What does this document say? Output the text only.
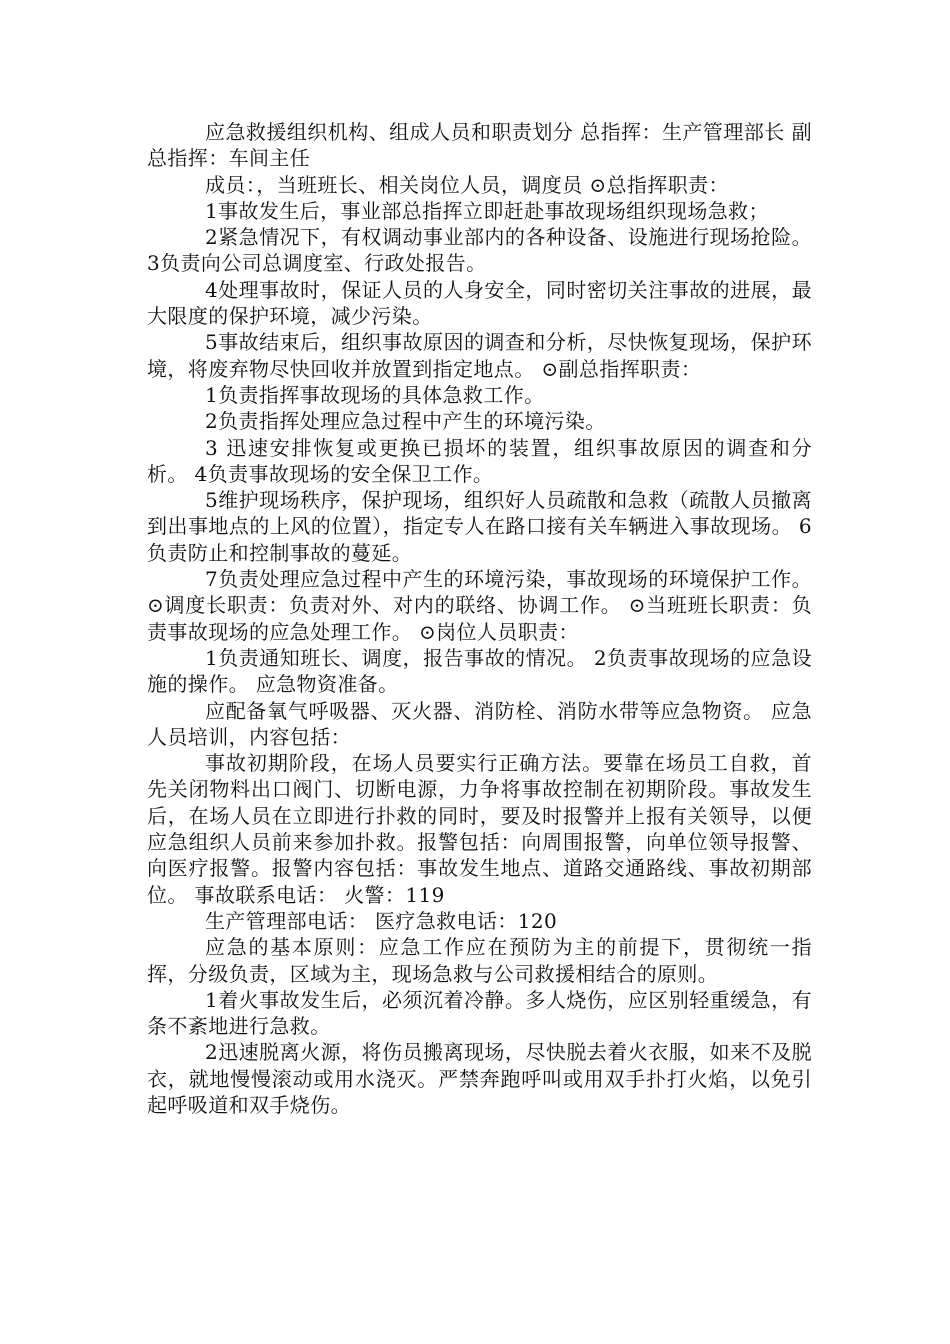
应急救援组织机构、组成人员和职责划分 总指挥：生产管理部长 副总指挥：车间主任

成员：，当班班长、相关岗位人员，调度员 ⊙总指挥职责：

1事故发生后，事业部总指挥立即赶赴事故现场组织现场急救；

2紧急情况下，有权调动事业部内的各种设备、设施进行现场抢险。 3负责向公司总调度室、行政处报告。

4处理事故时，保证人员的人身安全，同时密切关注事故的进展，最大限度的保护环境，减少污染。

5事故结束后，组织事故原因的调查和分析，尽快恢复现场，保护环境，将废弃物尽快回收并放置到指定地点。 ⊙副总指挥职责：

1负责指挥事故现场的具体急救工作。

2负责指挥处理应急过程中产生的环境污染。

3 迅速安排恢复或更换已损坏的装置，组织事故原因的调查和分析。 4负责事故现场的安全保卫工作。

5维护现场秩序，保护现场，组织好人员疏散和急救（疏散人员撤离到出事地点的上风的位置），指定专人在路口接有关车辆进入事故现场。 6负责防止和控制事故的蔓延。

7负责处理应急过程中产生的环境污染，事故现场的环境保护工作。 ⊙调度长职责：负责对外、对内的联络、协调工作。 ⊙当班班长职责：负责事故现场的应急处理工作。 ⊙岗位人员职责：

1负责通知班长、调度，报告事故的情况。 2负责事故现场的应急设施的操作。 应急物资准备。

应配备氧气呼吸器、灭火器、消防栓、消防水带等应急物资。 应急人员培训，内容包括：

事故初期阶段，在场人员要实行正确方法。要靠在场员工自救，首先关闭物料出口阀门、切断电源，力争将事故控制在初期阶段。事故发生后，在场人员在立即进行扑救的同时，要及时报警并上报有关领导，以便应急组织人员前来参加扑救。报警包括：向周围报警，向单位领导报警、向医疗报警。报警内容包括：事故发生地点、道路交通路线、事故初期部位。 事故联系电话： 火警：119

生产管理部电话： 医疗急救电话：120

应急的基本原则：应急工作应在预防为主的前提下，贯彻统一指挥，分级负责，区域为主，现场急救与公司救援相结合的原则。

1着火事故发生后，必须沉着冷静。多人烧伤，应区别轻重缓急，有条不紊地进行急救。

2迅速脱离火源，将伤员搬离现场，尽快脱去着火衣服，如来不及脱衣，就地慢慢滚动或用水浇灭。严禁奔跑呼叫或用双手扑打火焰，以免引起呼吸道和双手烧伤。
